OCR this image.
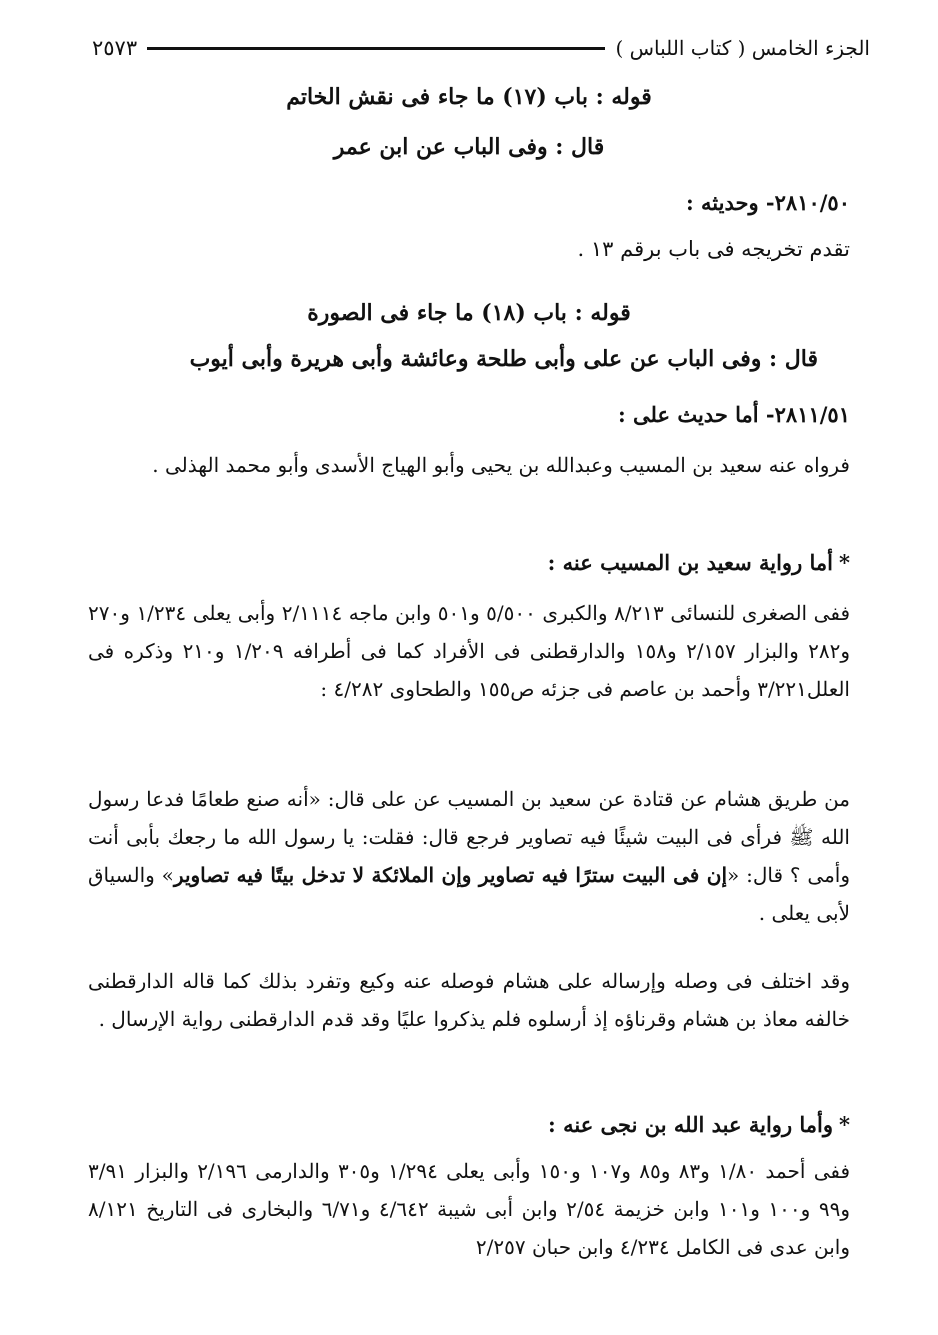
الجزء الخامس ( كتاب اللباس )
٢٥٧٣

قوله : باب (١٧) ما جاء فى نقش الخاتم

قال : وفى الباب عن ابن عمر

٢٨١٠/٥٠- وحديثه :

تقدم تخريجه فى باب برقم ١٣ .

قوله : باب (١٨) ما جاء فى الصورة

قال : وفى الباب عن على وأبى طلحة وعائشة وأبى هريرة وأبى أيوب

٢٨١١/٥١- أما حديث على :

فرواه عنه سعيد بن المسيب وعبدالله بن يحيى وأبو الهياج الأسدى وأبو محمد الهذلى .

*أما رواية سعيد بن المسيب عنه :

ففى الصغرى للنسائى ٨/٢١٣ والكبرى ٥/٥٠٠ و٥٠١ وابن ماجه ٢/١١١٤ وأبى يعلى ١/٢٣٤ و٢٧٠ و٢٨٢ والبزار ٢/١٥٧ و١٥٨ والدارقطنى فى الأفراد كما فى أطرافه ١/٢٠٩ و٢١٠ وذكره فى العلل٣/٢٢١ وأحمد بن عاصم فى جزئه ص١٥٥ والطحاوى ٤/٢٨٢ :

من طريق هشام عن قتادة عن سعيد بن المسيب عن على قال: «أنه صنع طعامًا فدعا رسول الله ﷺ فرأى فى البيت شيئًا فيه تصاوير فرجع قال: فقلت: يا رسول الله ما رجعك بأبى أنت وأمى ؟ قال: «إن فى البيت سترًا فيه تصاوير وإن الملائكة لا تدخل بيتًا فيه تصاوير» والسياق لأبى يعلى .

وقد اختلف فى وصله وإرساله على هشام فوصله عنه وكيع وتفرد بذلك كما قاله الدارقطنى خالفه معاذ بن هشام وقرناؤه إذ أرسلوه فلم يذكروا عليًا وقد قدم الدارقطنى رواية الإرسال .

*وأما رواية عبد الله بن نجى عنه :

ففى أحمد ١/٨٠ و٨٣ و٨٥ و١٠٧ و١٥٠ وأبى يعلى ١/٢٩٤ و٣٠٥ والدارمى ٢/١٩٦ والبزار ٣/٩١ و٩٩ و١٠٠ و١٠١ وابن خزيمة ٢/٥٤ وابن أبى شيبة ٤/٦٤٢ و٦/٧١ والبخارى فى التاريخ ٨/١٢١ وابن عدى فى الكامل ٤/٢٣٤ وابن حبان ٢/٢٥٧
